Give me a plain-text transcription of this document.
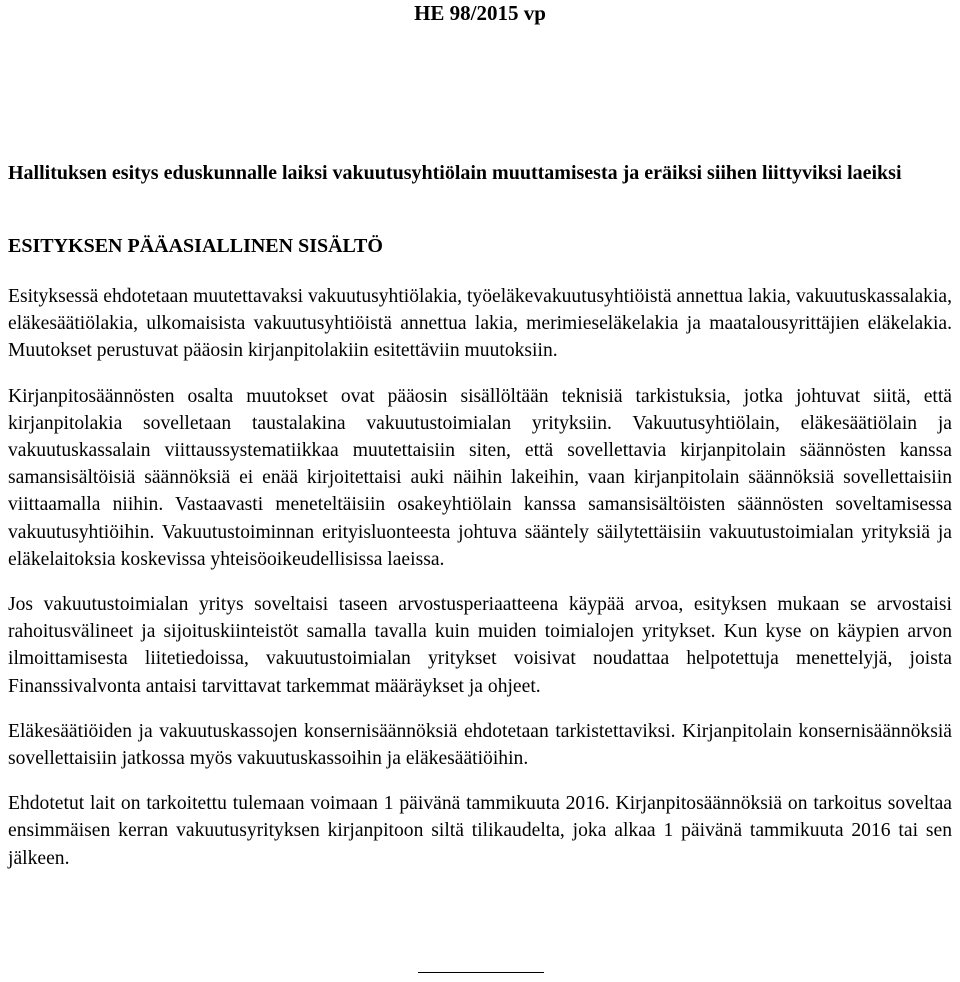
HE 98/2015 vp
Hallituksen esitys eduskunnalle laiksi vakuutusyhtiölain muuttamisesta ja eräiksi siihen liittyviksi laeiksi
ESITYKSEN PÄÄASIALLINEN SISÄLTÖ

Esityksessä ehdotetaan muutettavaksi vakuutusyhtiölakia, työeläkevakuutusyhtiöistä annettua lakia, vakuutuskassalakia, eläkesäätiölakia, ulkomaisista vakuutusyhtiöistä annettua lakia, merimieseläkelakia ja maatalousyrittäjien eläkelakia. Muutokset perustuvat pääosin kirjanpitolakiin esitettäviin muutoksiin.

Kirjanpitosäännösten osalta muutokset ovat pääosin sisällöltään teknisiä tarkistuksia, jotka johtuvat siitä, että kirjanpitolakia sovelletaan taustalakina vakuutustoimialan yrityksiin. Vakuutusyhtiölain, eläkesäätiölain ja vakuutuskassalain viittaussystematiikkaa muutettaisiin siten, että sovellettavia kirjanpitolain säännösten kanssa samansisältöisiä säännöksiä ei enää kirjoitettaisi auki näihin lakeihin, vaan kirjanpitolain säännöksiä sovellettaisiin viittaamalla niihin. Vastaavasti meneteltäisiin osakeyhtiölain kanssa samansisältöisten säännösten soveltamisessa vakuutusyhtiöihin. Vakuutustoiminnan erityisluonteesta johtuva sääntely säilytettäisiin vakuutustoimialan yrityksiä ja eläkelaitoksia koskevissa yhteisöoikeudellisissa laeissa.

Jos vakuutustoimialan yritys soveltaisi taseen arvostusperiaatteena käypää arvoa, esityksen mukaan se arvostaisi rahoitusvälineet ja sijoituskiinteistöt samalla tavalla kuin muiden toimialojen yritykset. Kun kyse on käypien arvon ilmoittamisesta liitetiedoissa, vakuutustoimialan yritykset voisivat noudattaa helpotettuja menettelyjä, joista Finanssivalvonta antaisi tarvittavat tarkemmat määräykset ja ohjeet.

Eläkesäätiöiden ja vakuutuskassojen konsernisäännöksiä ehdotetaan tarkistettaviksi. Kirjanpitolain konsernisäännöksiä sovellettaisiin jatkossa myös vakuutuskassoihin ja eläkesäätiöihin.

Ehdotetut lait on tarkoitettu tulemaan voimaan 1 päivänä tammikuuta 2016. Kirjanpitosäännöksiä on tarkoitus soveltaa ensimmäisen kerran vakuutusyrityksen kirjanpitoon siltä tilikaudelta, joka alkaa 1 päivänä tammikuuta 2016 tai sen jälkeen.
